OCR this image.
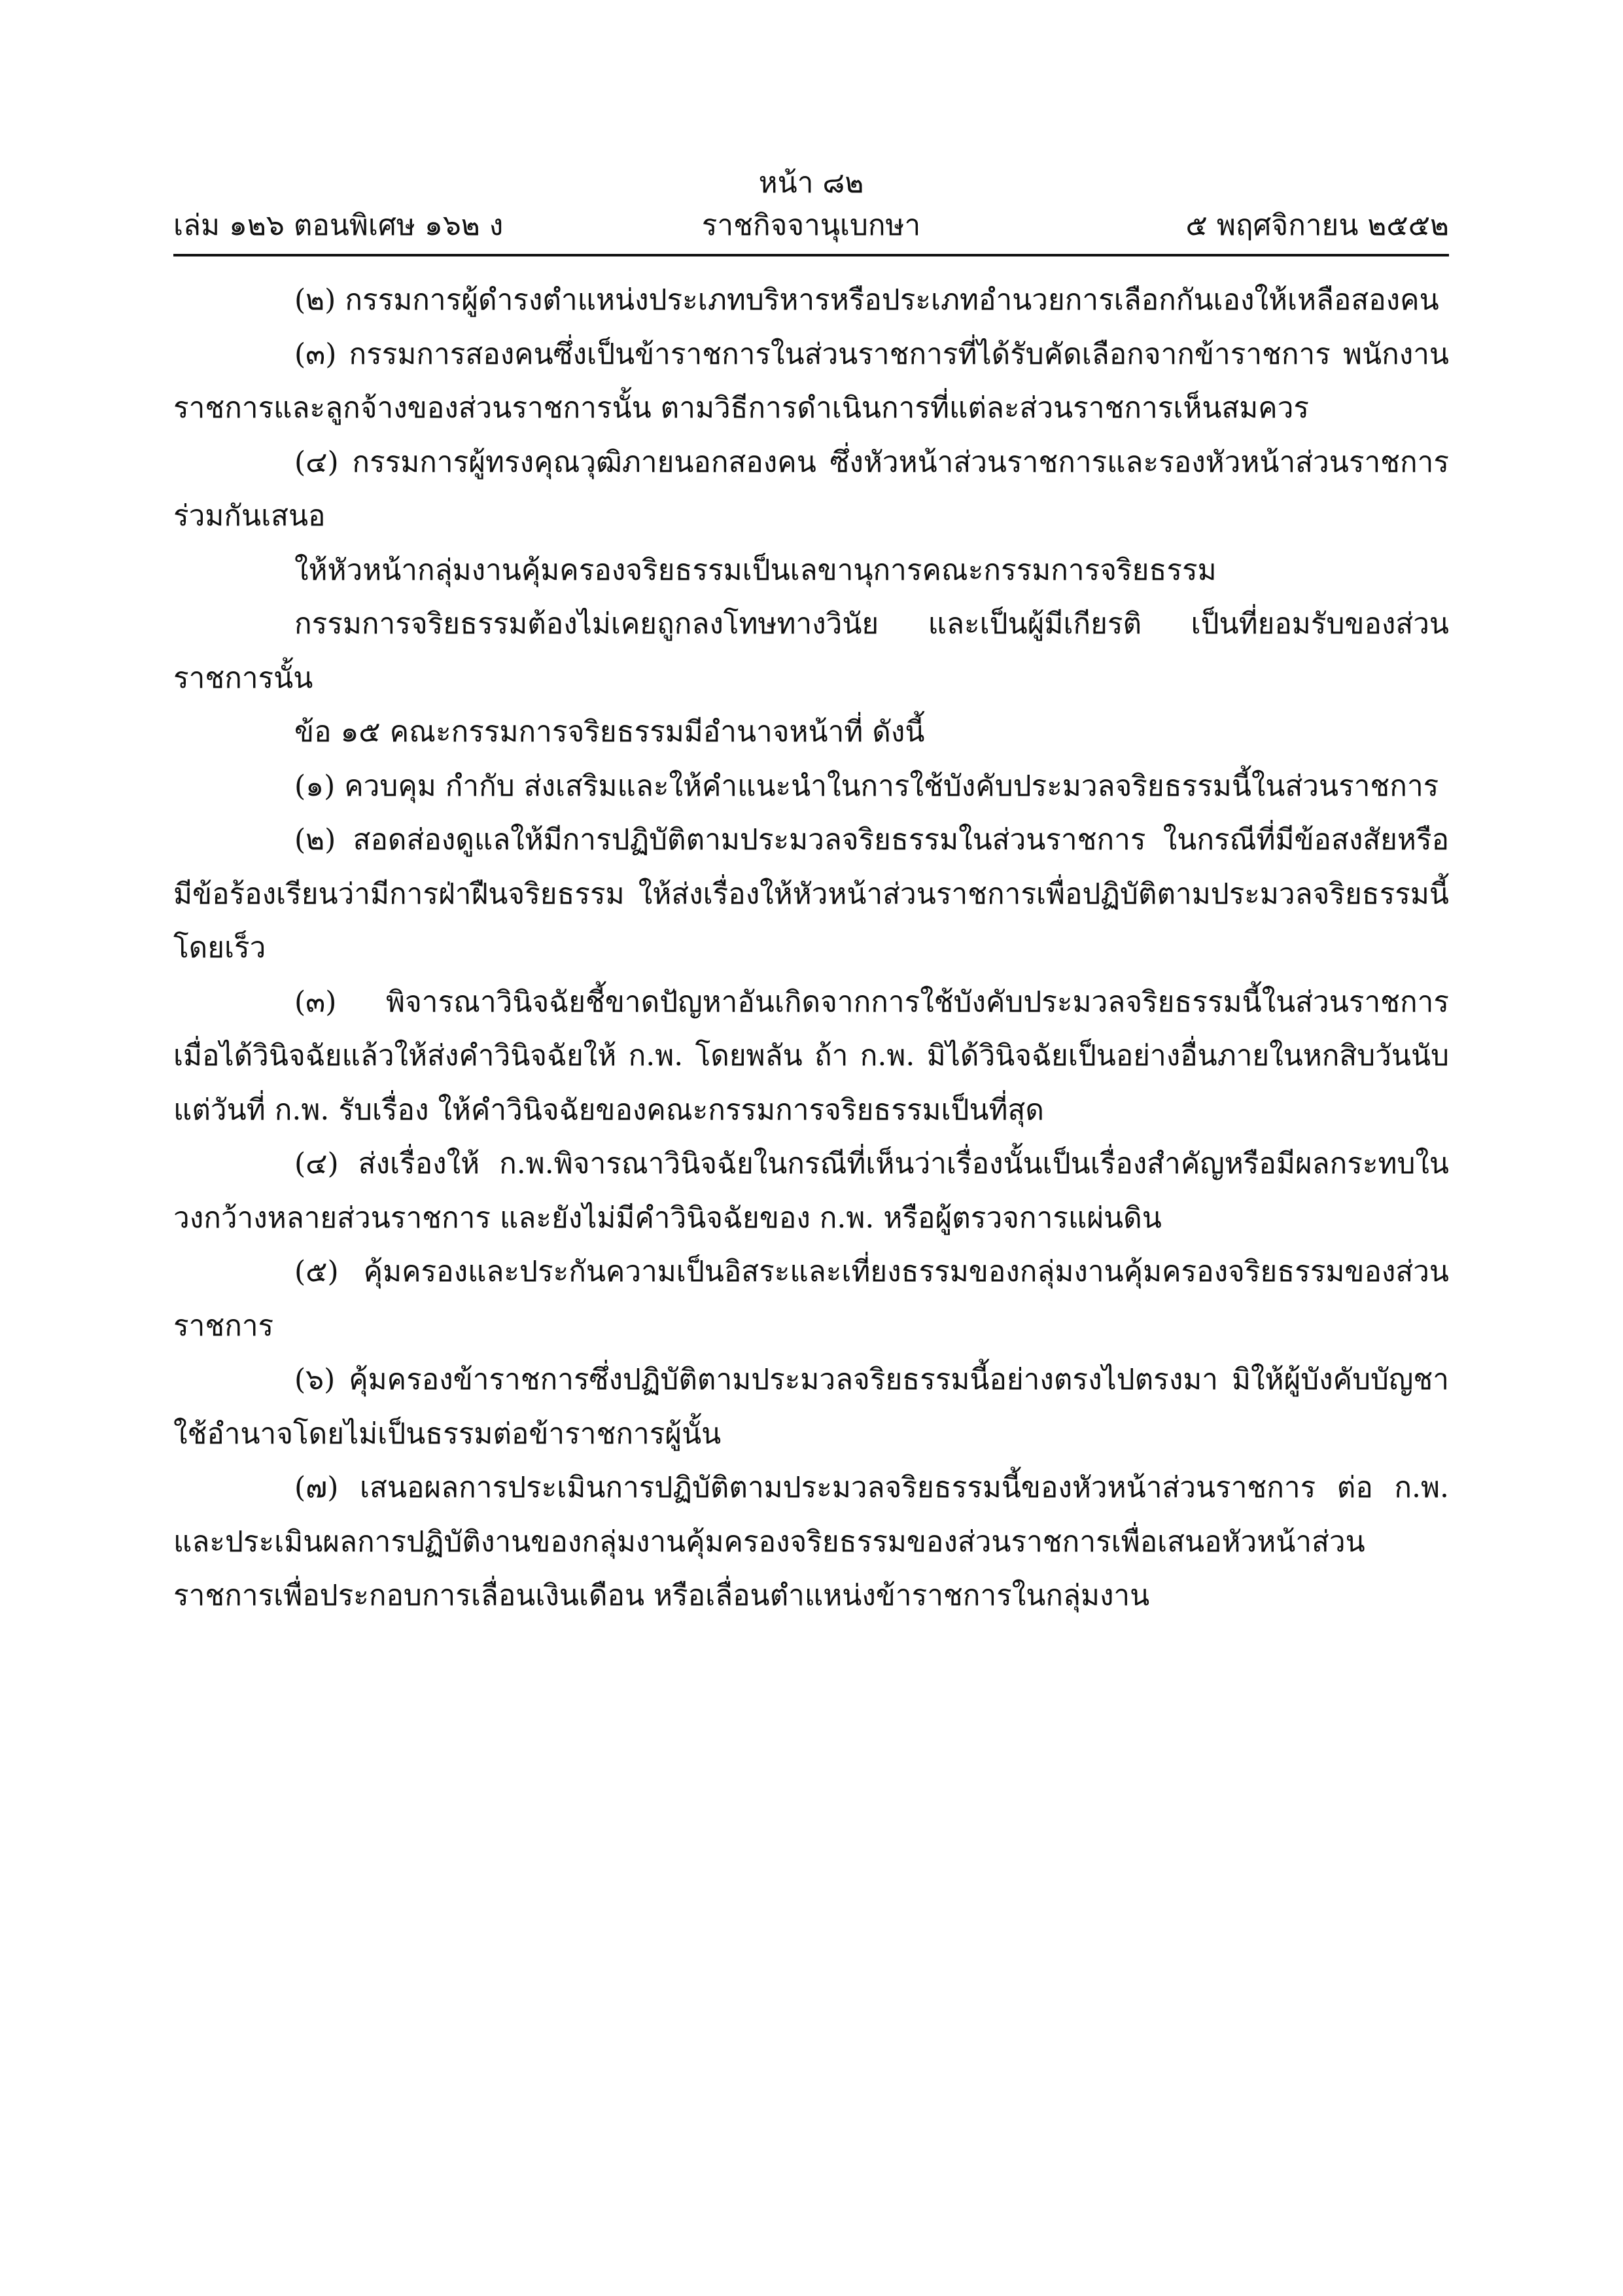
หน้า ๘๒
เล่ม ๑๒๖ ตอนพิเศษ ๑๖๒ ง	ราชกิจจานุเบกษา	๕ พฤศจิกายน ๒๕๕๒

(๒) กรรมการผู้ดำรงตำแหน่งประเภทบริหารหรือประเภทอำนวยการเลือกกันเองให้เหลือสองคน

(๓) กรรมการสองคนซึ่งเป็นข้าราชการในส่วนราชการที่ได้รับคัดเลือกจากข้าราชการ พนักงานราชการและลูกจ้างของส่วนราชการนั้น ตามวิธีการดำเนินการที่แต่ละส่วนราชการเห็นสมควร

(๔) กรรมการผู้ทรงคุณวุฒิภายนอกสองคน ซึ่งหัวหน้าส่วนราชการและรองหัวหน้าส่วนราชการร่วมกันเสนอ

ให้หัวหน้ากลุ่มงานคุ้มครองจริยธรรมเป็นเลขานุการคณะกรรมการจริยธรรม

กรรมการจริยธรรมต้องไม่เคยถูกลงโทษทางวินัย และเป็นผู้มีเกียรติ เป็นที่ยอมรับของส่วนราชการนั้น

ข้อ ๑๕ คณะกรรมการจริยธรรมมีอำนาจหน้าที่ ดังนี้

(๑) ควบคุม กำกับ ส่งเสริมและให้คำแนะนำในการใช้บังคับประมวลจริยธรรมนี้ในส่วนราชการ

(๒) สอดส่องดูแลให้มีการปฏิบัติตามประมวลจริยธรรมในส่วนราชการ ในกรณีที่มีข้อสงสัยหรือมีข้อร้องเรียนว่ามีการฝ่าฝืนจริยธรรม ให้ส่งเรื่องให้หัวหน้าส่วนราชการเพื่อปฏิบัติตามประมวลจริยธรรมนี้โดยเร็ว

(๓) พิจารณาวินิจฉัยชี้ขาดปัญหาอันเกิดจากการใช้บังคับประมวลจริยธรรมนี้ในส่วนราชการ เมื่อได้วินิจฉัยแล้วให้ส่งคำวินิจฉัยให้ ก.พ. โดยพลัน ถ้า ก.พ. มิได้วินิจฉัยเป็นอย่างอื่นภายในหกสิบวันนับแต่วันที่ ก.พ. รับเรื่อง ให้คำวินิจฉัยของคณะกรรมการจริยธรรมเป็นที่สุด

(๔) ส่งเรื่องให้ ก.พ.พิจารณาวินิจฉัยในกรณีที่เห็นว่าเรื่องนั้นเป็นเรื่องสำคัญหรือมีผลกระทบในวงกว้างหลายส่วนราชการ และยังไม่มีคำวินิจฉัยของ ก.พ. หรือผู้ตรวจการแผ่นดิน

(๕) คุ้มครองและประกันความเป็นอิสระและเที่ยงธรรมของกลุ่มงานคุ้มครองจริยธรรมของส่วนราชการ

(๖) คุ้มครองข้าราชการซึ่งปฏิบัติตามประมวลจริยธรรมนี้อย่างตรงไปตรงมา มิให้ผู้บังคับบัญชาใช้อำนาจโดยไม่เป็นธรรมต่อข้าราชการผู้นั้น

(๗) เสนอผลการประเมินการปฏิบัติตามประมวลจริยธรรมนี้ของหัวหน้าส่วนราชการ ต่อ ก.พ. และประเมินผลการปฏิบัติงานของกลุ่มงานคุ้มครองจริยธรรมของส่วนราชการเพื่อเสนอหัวหน้าส่วนราชการเพื่อประกอบการเลื่อนเงินเดือน หรือเลื่อนตำแหน่งข้าราชการในกลุ่มงาน
